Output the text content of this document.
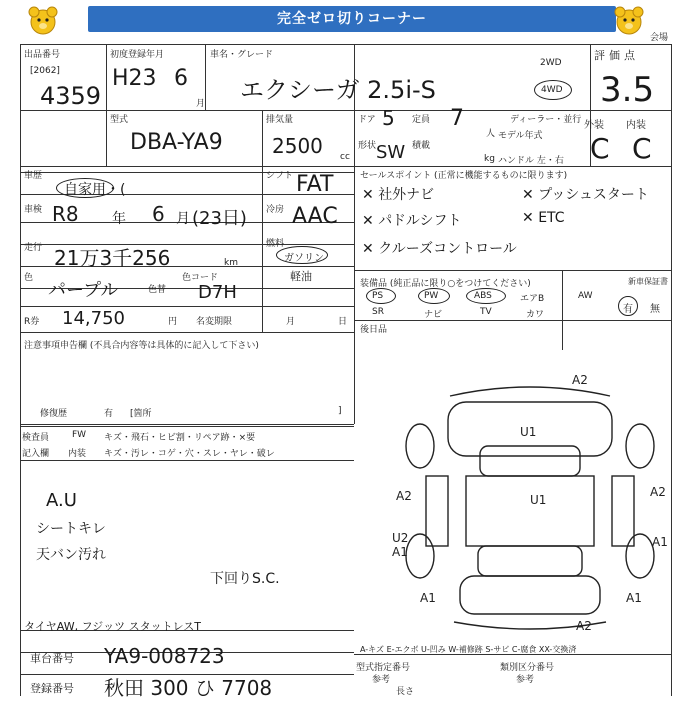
完全ゼロ切りコーナー
会場
出品番号
[2062]
4359
初度登録年月
H23 6
月
車名・グレード
エクシーガ 2.5i-S
2WD
4WD
評価点
3.5
型式
DBA-YA9
排気量
2500 cc
ドア 5 定員 7
人
形状 SW 積載
kg
ディーラー・並行
モデル年式
ハンドル 左・右
外装 内装
C C
車歴
自家用・(
シフト FAT
車検 R8 年 6 月 (23日) 冷房 AAC
走行 21万3千256	km
燃料
ガソリン
軽油
色
パープル	色替
色コード
D7H
R券 14,750	円 名変期限	月	日
注意事項申告欄 (不具合内容等は具体的に記入して下さい)
修復歴	有 [箇所	]
検査員
記入欄
FW キズ・飛石・ヒビ割・リペア跡・×要
内装 キズ・汚レ・コゲ・穴・スレ・ヤレ・破レ
A.U
シートキレ
天バン汚れ
下回りS.C.
タイヤAW, フジッツ スタットレスT
セールスポイント (正常に機能するものに限ります)
✕ 社外ナビ	✕ プッシュスタート
✕ パドルシフト	✕ ETC
✕ クルーズコントロール
装備品 (純正品に限り○をつけてください)	新車保証書
PS	PW	ABS	エアB	AW
SR	ナビ	TV	カワ	有 無
後日品
A2
U1
U1
A2	A2
U2
A1
A1
A1	A1
A2
車台番号 YA9-008723
登録番号 秋田 300 ひ 7708
A-キズ E-エクボ U-凹み W-補修跡 S-サビ C-腐食 XX-交換済
型式指定番号
参考
長さ
類別区分番号
参考
